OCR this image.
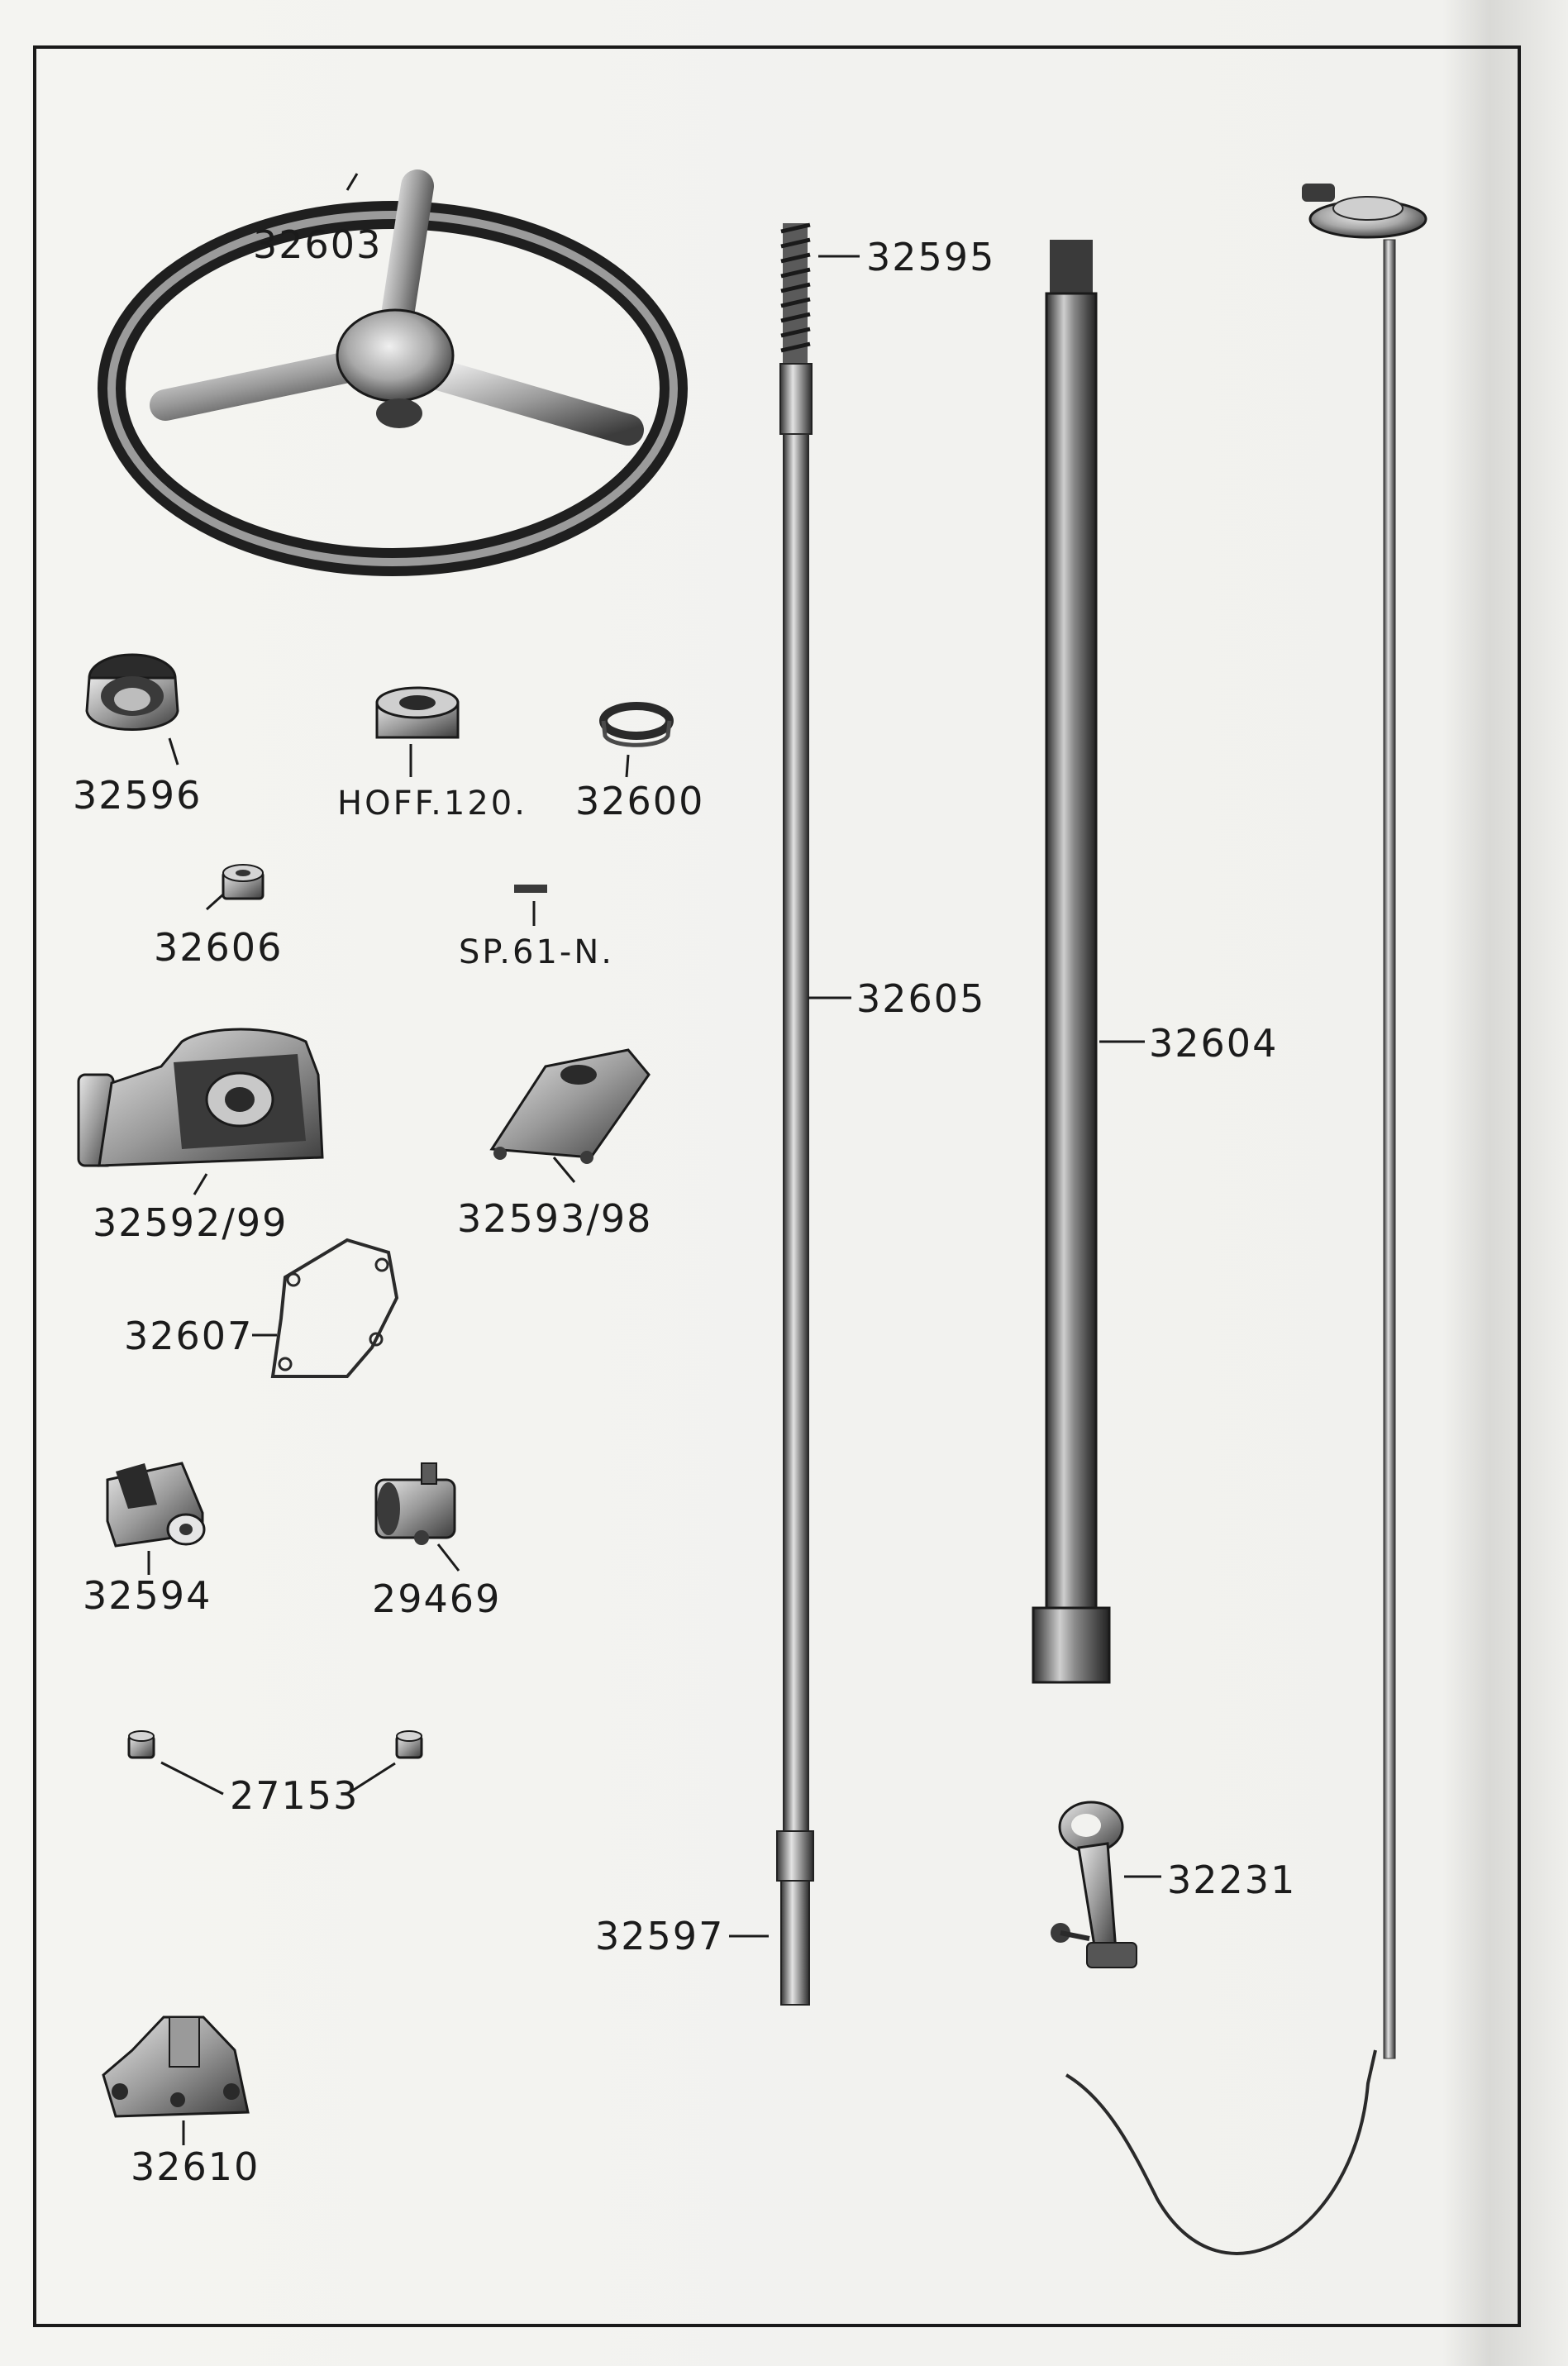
32603	32595
32605
32597
32604
32231
32596	HOFF.120. 32600
32606	SP.61-N.
32592/99	32593/98
32607
32594	29469
27153
32610
